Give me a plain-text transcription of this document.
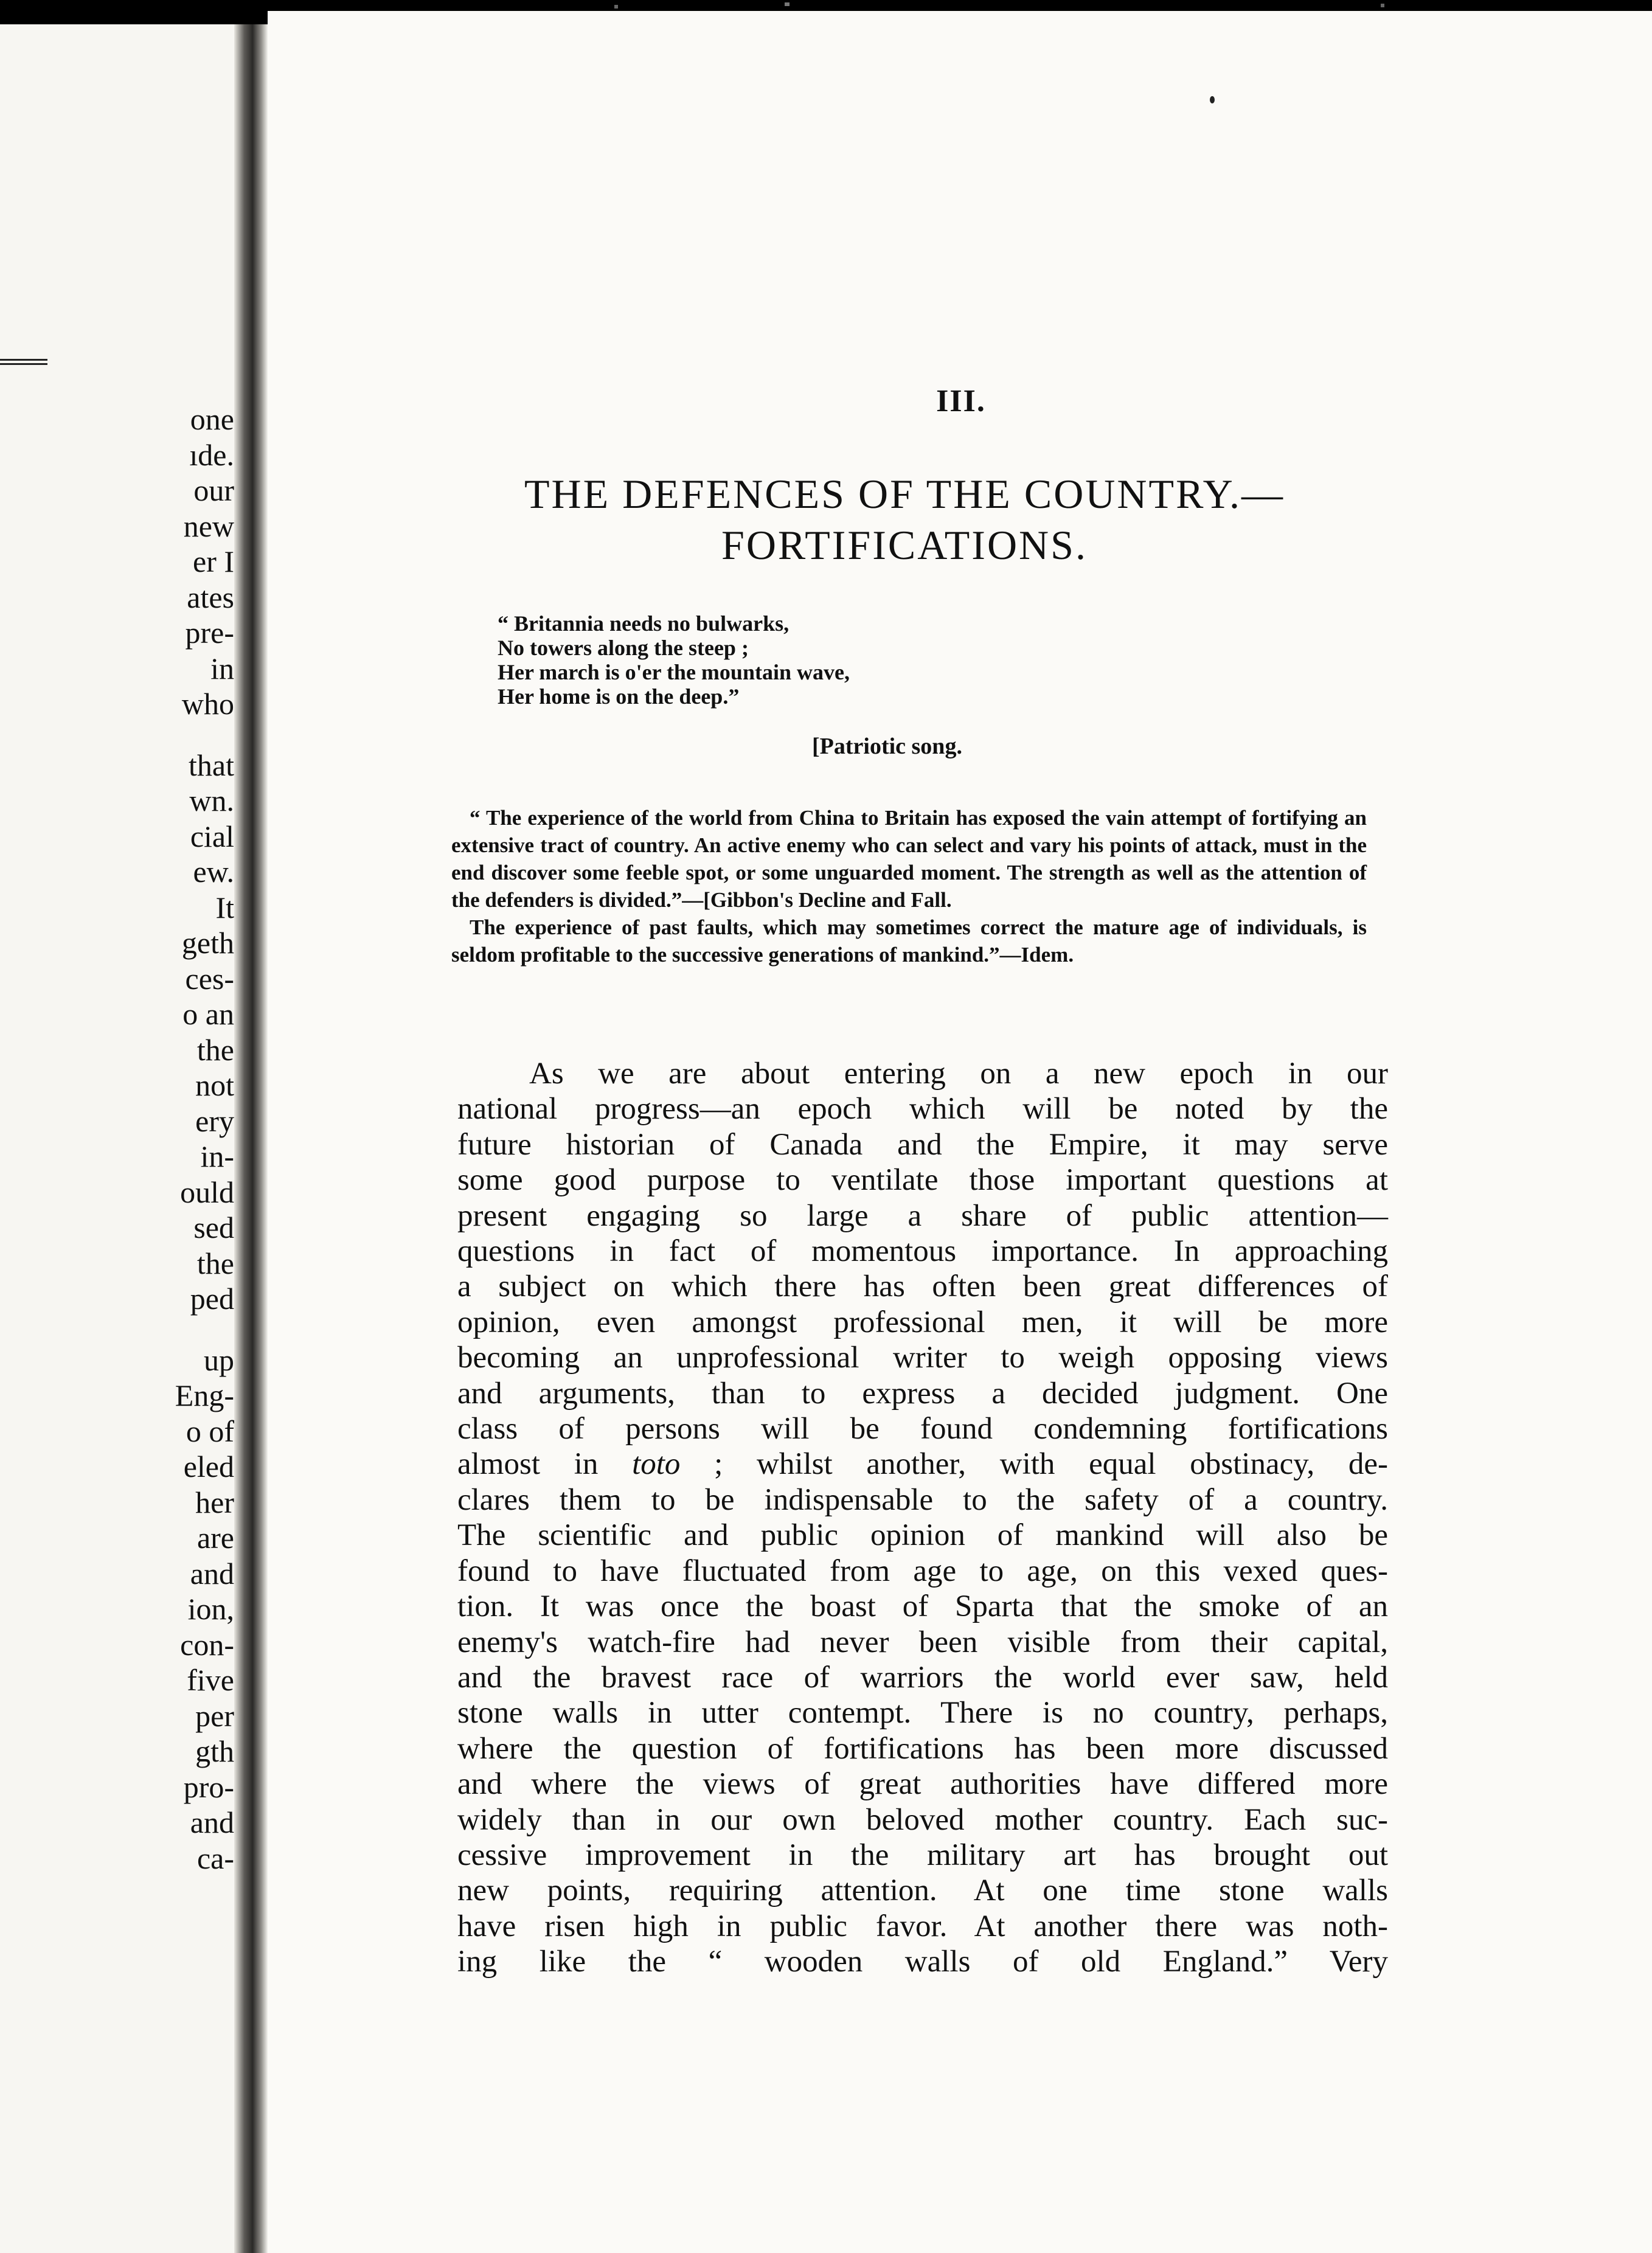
one
ıde.
our
new
er I
ates
pre-
in
who
that
wn.
cial
ew.
It
geth
ces-
o an
the
not
ery
in-
ould
sed
the
ped
up
Eng-
o of
eled
her
are
and
ion,
con-
five
per
gth
pro-
and
ca-
III.
THE DEFENCES OF THE COUNTRY.—
FORTIFICATIONS.
“ Britannia needs no bulwarks,
No towers along the steep ;
Her march is o'er the mountain wave,
Her home is on the deep.”
[Patriotic song.

“ The experience of the world from China to Britain has exposed the vain attempt of fortifying an extensive tract of country. An active enemy who can select and vary his points of attack, must in the end discover some feeble spot, or some unguarded moment. The strength as well as the attention of the defenders is divided.”—[Gibbon's Decline and Fall.

The experience of past faults, which may sometimes correct the mature age of individuals, is seldom profitable to the successive generations of mankind.”—Idem.

As we are about entering on a new epoch in our
national progress—an epoch which will be noted by the
future historian of Canada and the Empire, it may serve
some good purpose to ventilate those important questions at
present engaging so large a share of public attention—
questions in fact of momentous importance. In approaching
a subject on which there has often been great differences of
opinion, even amongst professional men, it will be more
becoming an unprofessional writer to weigh opposing views
and arguments, than to express a decided judgment. One
class of persons will be found condemning fortifications
almost in toto ; whilst another, with equal obstinacy, de-
clares them to be indispensable to the safety of a country.
The scientific and public opinion of mankind will also be
found to have fluctuated from age to age, on this vexed ques-
tion. It was once the boast of Sparta that the smoke of an
enemy's watch-fire had never been visible from their capital,
and the bravest race of warriors the world ever saw, held
stone walls in utter contempt. There is no country, perhaps,
where the question of fortifications has been more discussed
and where the views of great authorities have differed more
widely than in our own beloved mother country. Each suc-
cessive improvement in the military art has brought out
new points, requiring attention. At one time stone walls
have risen high in public favor. At another there was noth-
ing like the “ wooden walls of old England.” Very
